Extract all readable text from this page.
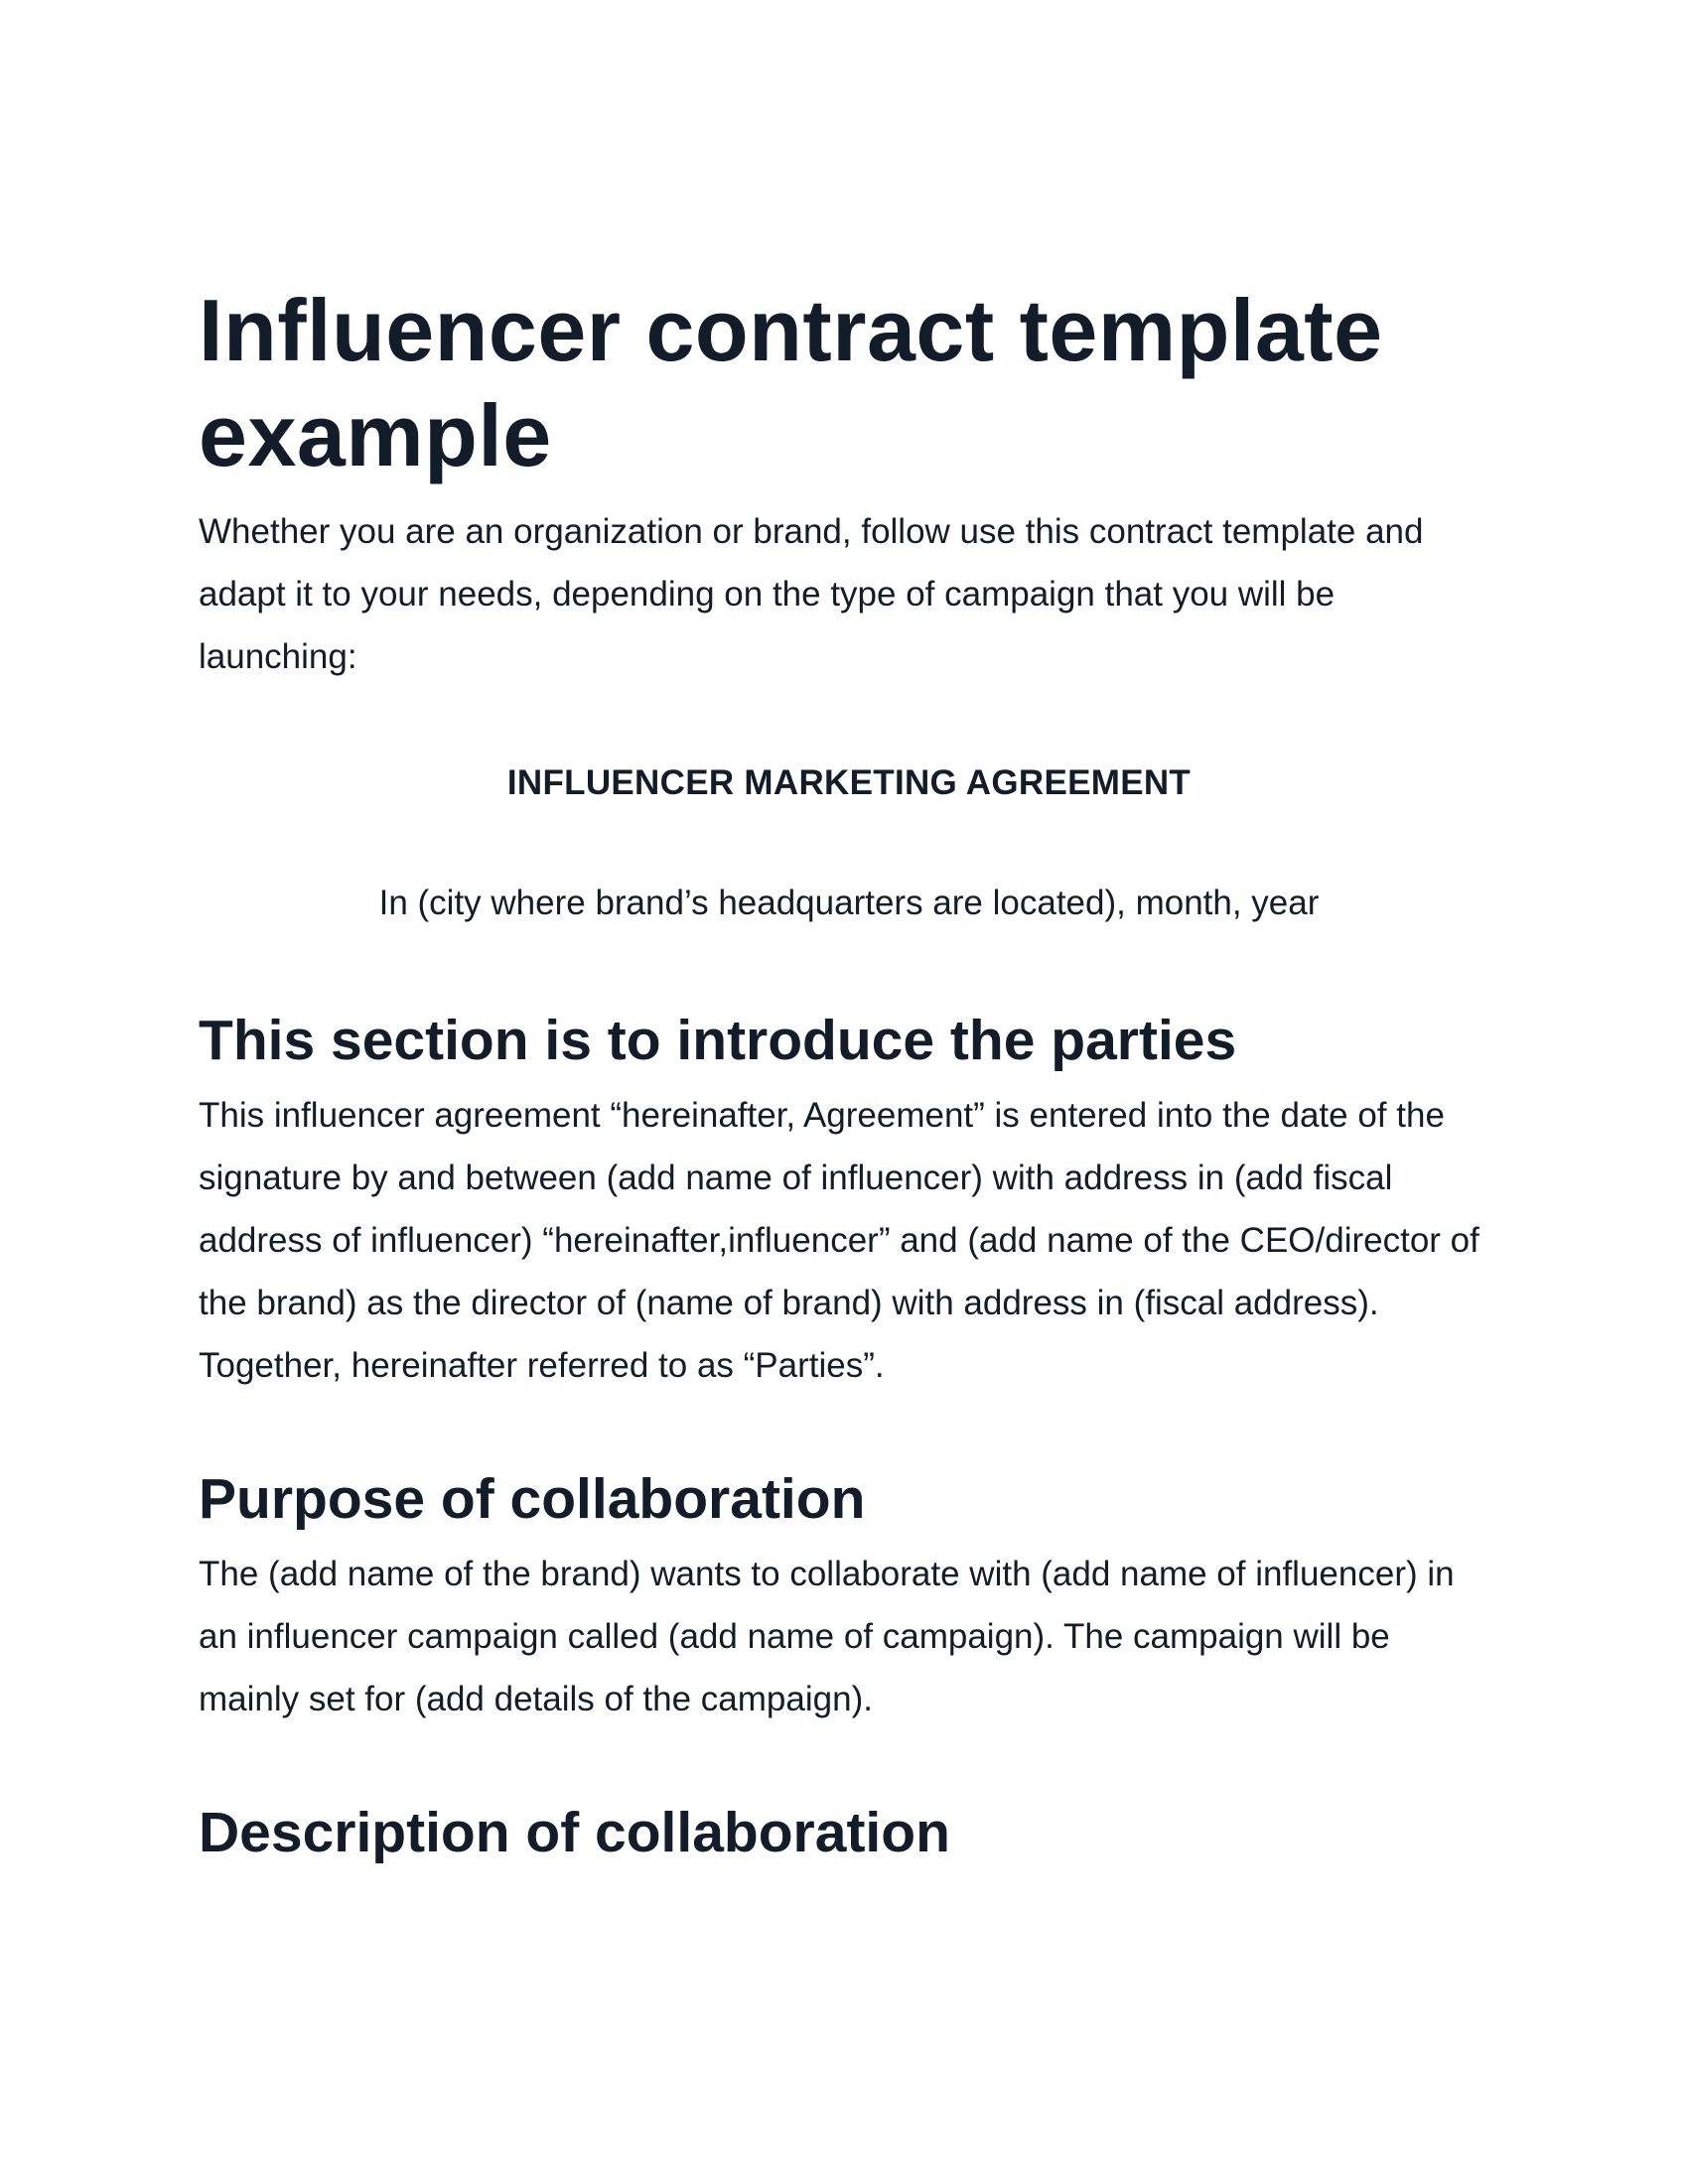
Influencer contract template example

Whether you are an organization or brand, follow use this contract template and adapt it to your needs, depending on the type of campaign that you will be launching:

INFLUENCER MARKETING AGREEMENT
In (city where brand’s headquarters are located), month, year
This section is to introduce the parties

This influencer agreement “hereinafter, Agreement” is entered into the date of the signature by and between (add name of influencer) with address in (add fiscal address of influencer) “hereinafter,influencer” and (add name of the CEO/director of the brand) as the director of (name of brand) with address in (fiscal address). Together, hereinafter referred to as “Parties”.

Purpose of collaboration

The (add name of the brand) wants to collaborate with (add name of influencer) in an influencer campaign called (add name of campaign). The campaign will be mainly set for (add details of the campaign).

Description of collaboration
